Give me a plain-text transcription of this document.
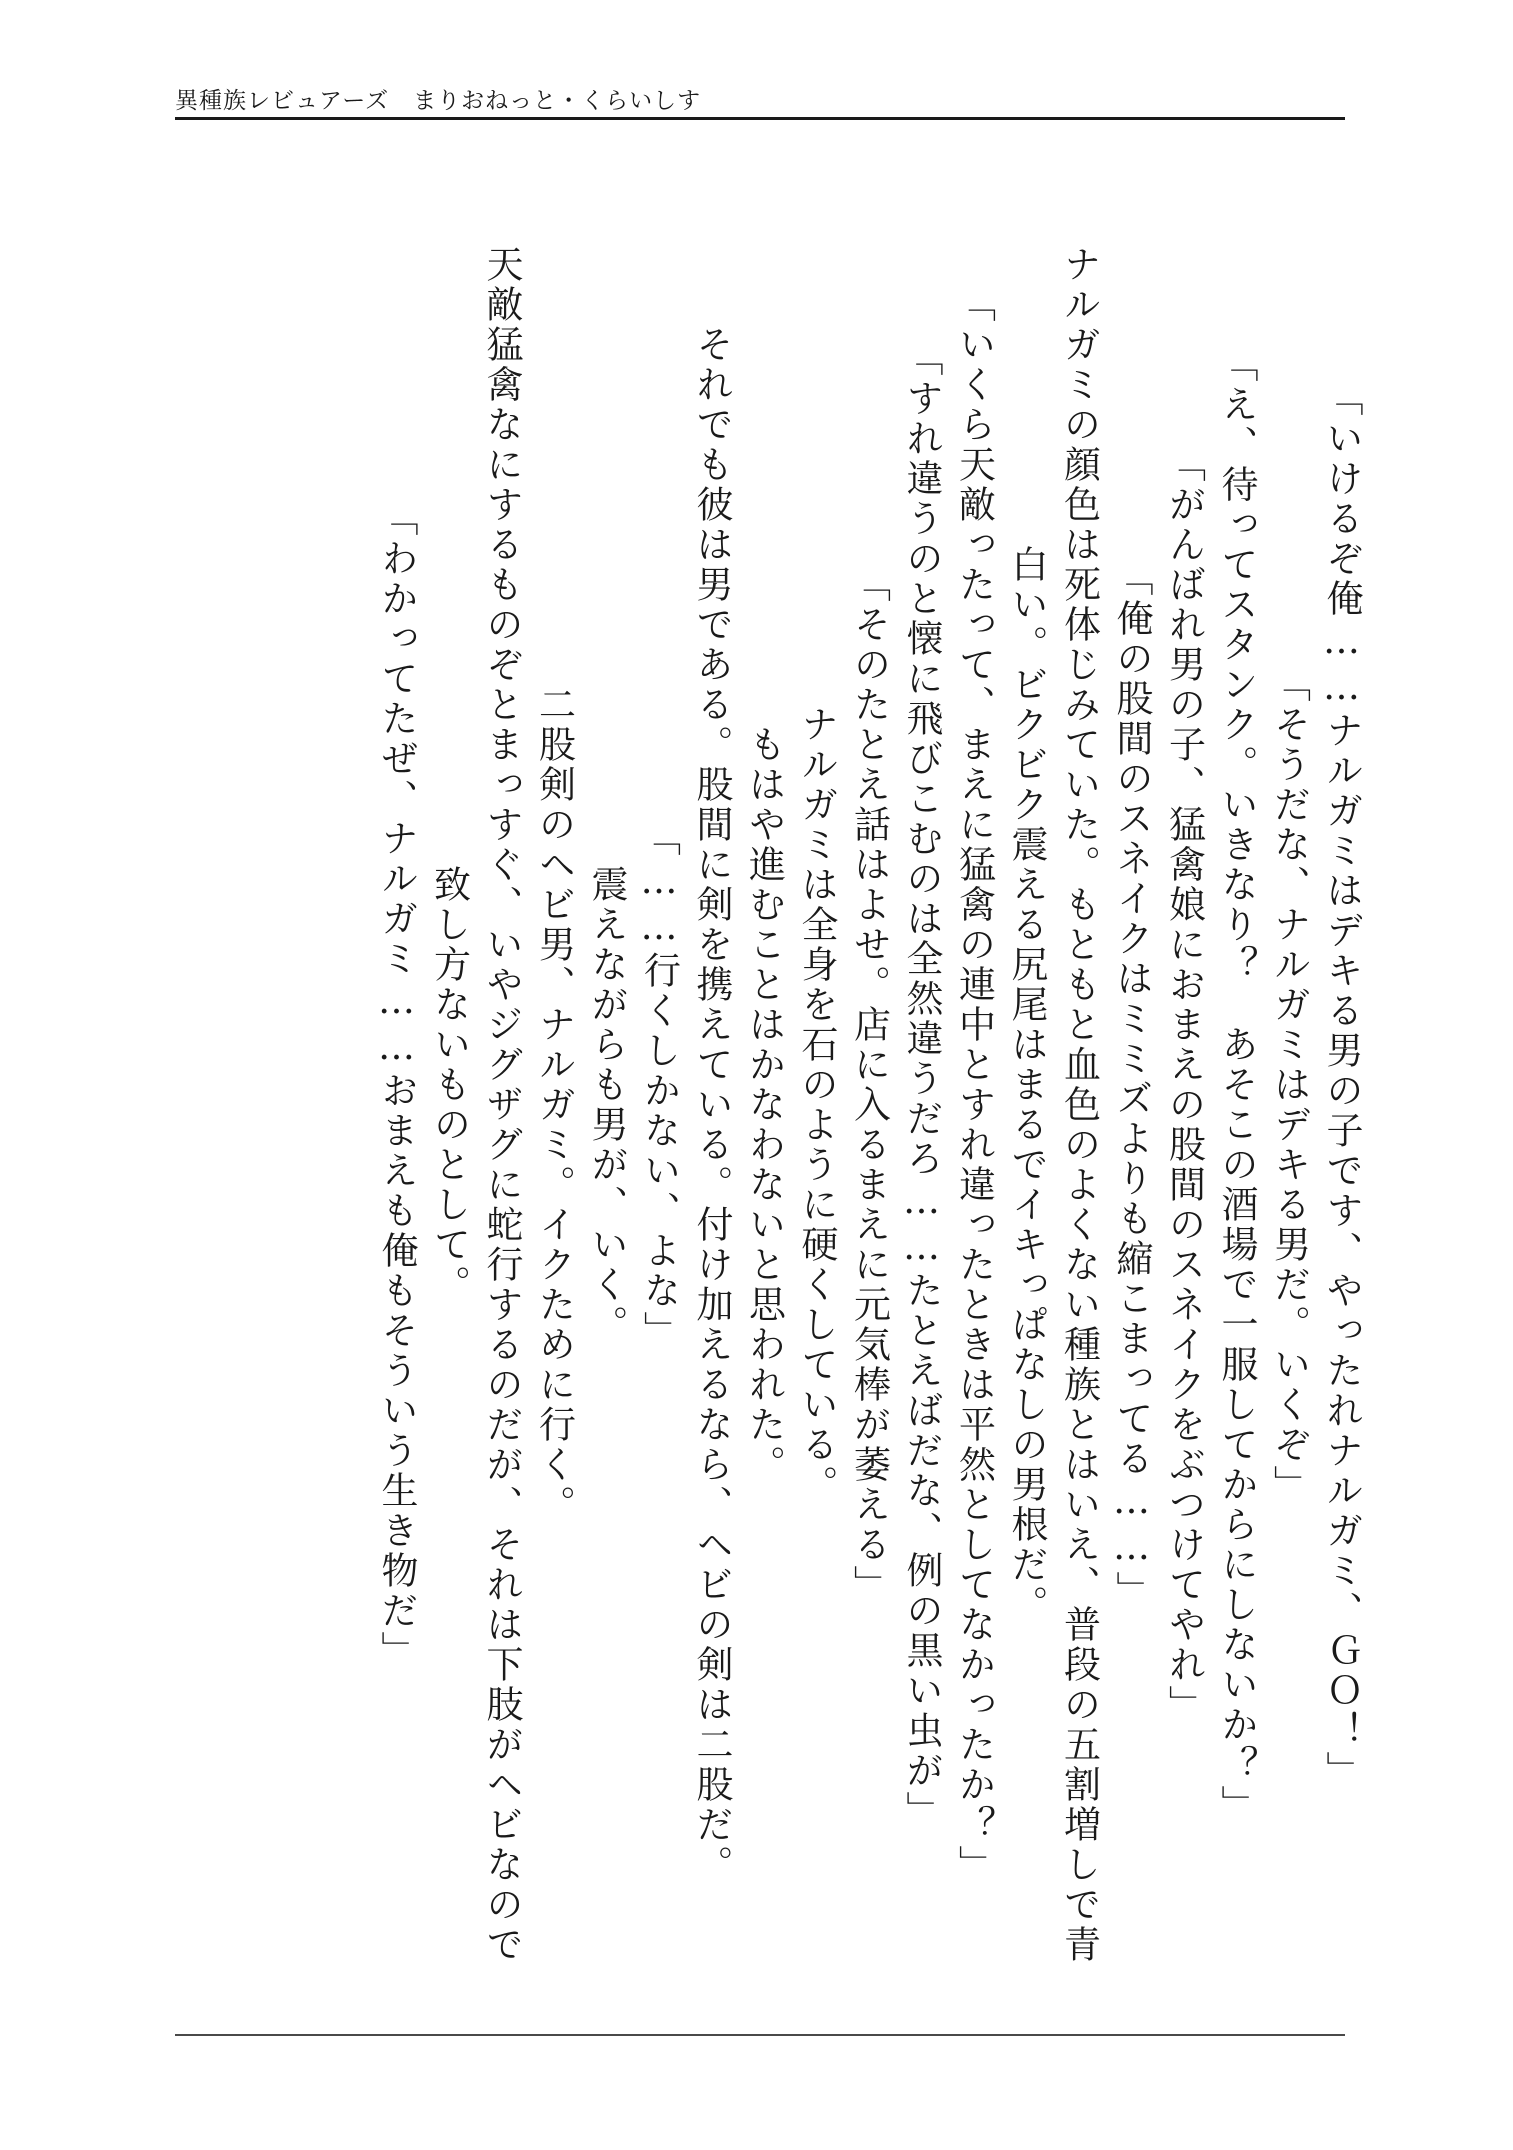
異種族レビュアーズ　まりおねっと・くらいしす
「いけるぞ俺……ナルガミはデキる男の子です、やったれナルガミ、ＧＯ！」
「そうだな、ナルガミはデキる男だ。いくぞ」
「え、待ってスタンク。いきなり？　あそこの酒場で一服してからにしないか？」
「がんばれ男の子、猛禽娘におまえの股間のスネイクをぶつけてやれ」
「俺の股間のスネイクはミミズよりも縮こまってる……」
　ナルガミの顔色は死体じみていた。もともと血色のよくない種族とはいえ、普段の五割増しで青
白い。ビクビク震える尻尾はまるでイキっぱなしの男根だ。
「いくら天敵ったって、まえに猛禽の連中とすれ違ったときは平然としてなかったか？」
「すれ違うのと懐に飛びこむのは全然違うだろ……たとえばだな、例の黒い虫が」
「そのたとえ話はよせ。店に入るまえに元気棒が萎える」
　ナルガミは全身を石のように硬くしている。
　もはや進むことはかなわないと思われた。
　それでも彼は男である。股間に剣を携えている。付け加えるなら、ヘビの剣は二股だ。
「……行くしかない、よな」
　震えながらも男が、いく。
　二股剣のヘビ男、ナルガミ。イクために行く。
　天敵猛禽なにするものぞとまっすぐ、いやジグザグに蛇行するのだが、それは下肢がヘビなので
致し方ないものとして。
「わかってたぜ、ナルガミ……おまえも俺もそういう生き物だ」
